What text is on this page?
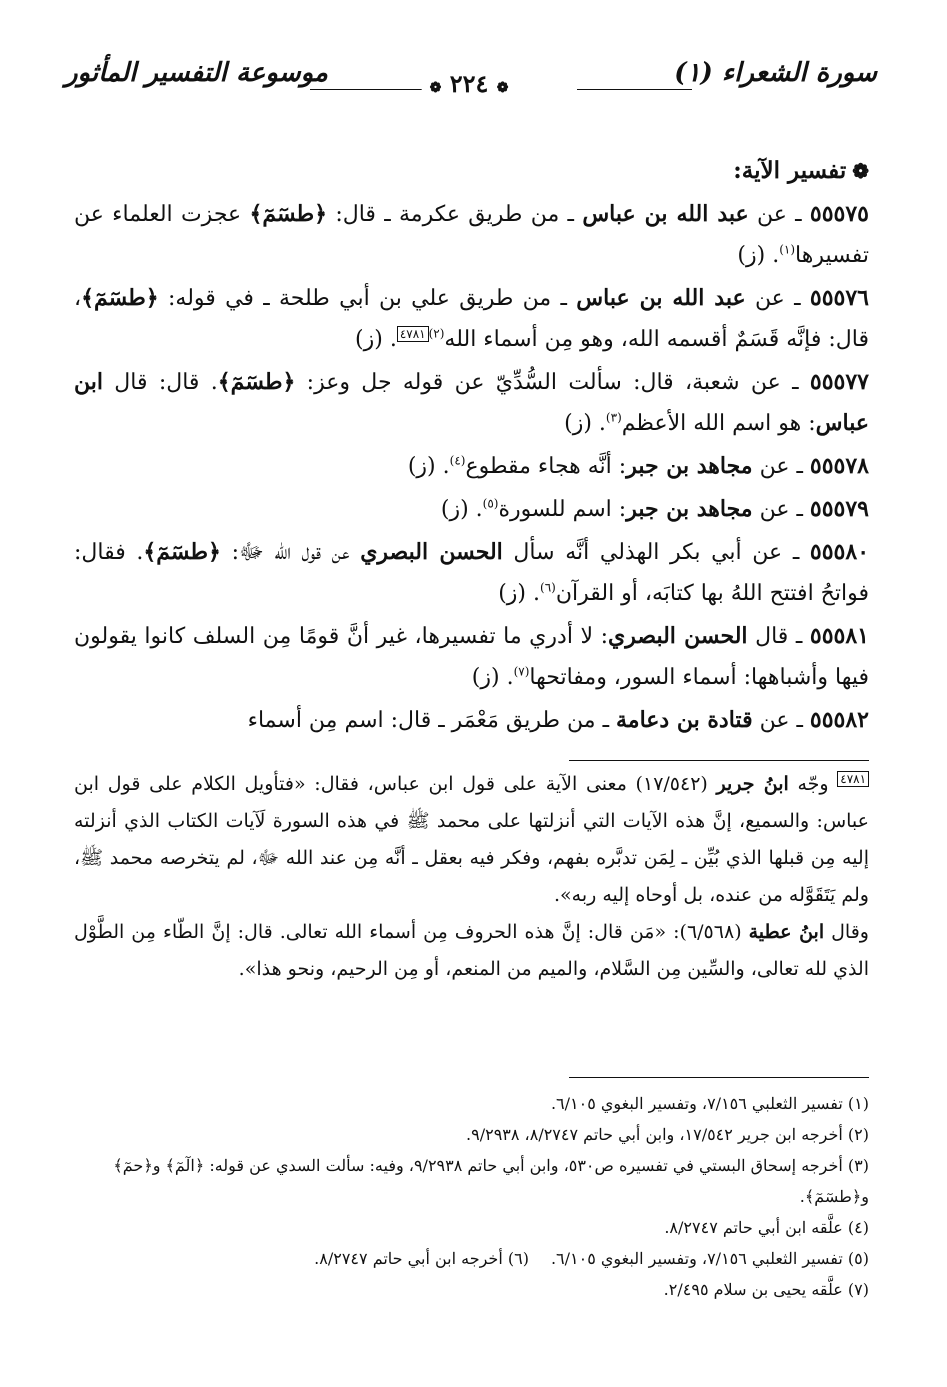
سورة الشعراء (١)
موسوعة التفسير المأثور	❁ ٢٢٤ ❁

❁تفسير الآية:

٥٥٥٧٥ ـ عن عبد الله بن عباس ـ من طريق عكرمة ـ قال: ﴿طسٓمٓ﴾ عجزت العلماء عن تفسيرها$^{(١)}$. (ز)

٥٥٥٧٦ ـ عن عبد الله بن عباس ـ من طريق علي بن أبي طلحة ـ في قوله: ﴿طسٓمٓ﴾، قال: فإنَّه قَسَمٌ أقسمه الله، وهو مِن أسماء الله$^{(٢)}$٤٧٨١. (ز)

٥٥٥٧٧ ـ عن شعبة، قال: سألت السُّدِّيّ عن قوله جل وعز: ﴿طسٓمٓ﴾. قال: قال ابن عباس: هو اسم الله الأعظم$^{(٣)}$. (ز)

٥٥٥٧٨ ـ عن مجاهد بن جبر: أنَّه هجاء مقطوع$^{(٤)}$. (ز)

٥٥٥٧٩ ـ عن مجاهد بن جبر: اسم للسورة$^{(٥)}$. (ز)

٥٥٥٨٠ ـ عن أبي بكر الهذلي أنَّه سأل الحسن البصري عن قول الله ﷻ: ﴿طسٓمٓ﴾. فقال: فواتحُ افتتح اللهُ بها كتابَه، أو القرآن$^{(٦)}$. (ز)

٥٥٥٨١ ـ قال الحسن البصري: لا أدري ما تفسيرها، غير أنَّ قومًا مِن السلف كانوا يقولون فيها وأشباهها: أسماء السور، ومفاتحها$^{(٧)}$. (ز)

٥٥٥٨٢ ـ عن قتادة بن دعامة ـ من طريق مَعْمَر ـ قال: اسم مِن أسماء

٤٧٨١ وجّه ابنُ جرير (١٧/٥٤٢) معنى الآية على قول ابن عباس، فقال: «فتأويل الكلام على قول ابن عباس: والسميع، إنَّ هذه الآيات التي أنزلتها على محمد ﷺ في هذه السورة لَآيات الكتاب الذي أنزلته إليه مِن قبلها الذي بُيِّن ـ لِمَن تدبَّره بفهم، وفكر فيه بعقل ـ أنَّه مِن عند الله ﷻ، لم يتخرصه محمد ﷺ، ولم يَتَقَوَّله من عنده، بل أوحاه إليه ربه».

وقال ابنُ عطية (٦/٥٦٨): «مَن قال: إنَّ هذه الحروف مِن أسماء الله تعالى. قال: إنَّ الطّاء مِن الطَّوْل الذي لله تعالى، والسِّين مِن السَّلام، والميم من المنعم، أو مِن الرحيم، ونحو هذا».

(١) تفسير الثعلبي ٧/١٥٦، وتفسير البغوي ٦/١٠٥.

(٢) أخرجه ابن جرير ١٧/٥٤٢، وابن أبي حاتم ٨/٢٧٤٧، ٩/٢٩٣٨.

(٣) أخرجه إسحاق البستي في تفسيره ص٥٣٠، وابن أبي حاتم ٩/٢٩٣٨، وفيه: سألت السدي عن قوله: ﴿الٓمٓ﴾ و﴿حمٓ﴾ و﴿طسٓمٓ﴾.

(٤) علَّقه ابن أبي حاتم ٨/٢٧٤٧.

(٥) تفسير الثعلبي ٧/١٥٦، وتفسير البغوي ٦/١٠٥.(٦) أخرجه ابن أبي حاتم ٨/٢٧٤٧.

(٧) علَّقه يحيى بن سلام ٢/٤٩٥.
